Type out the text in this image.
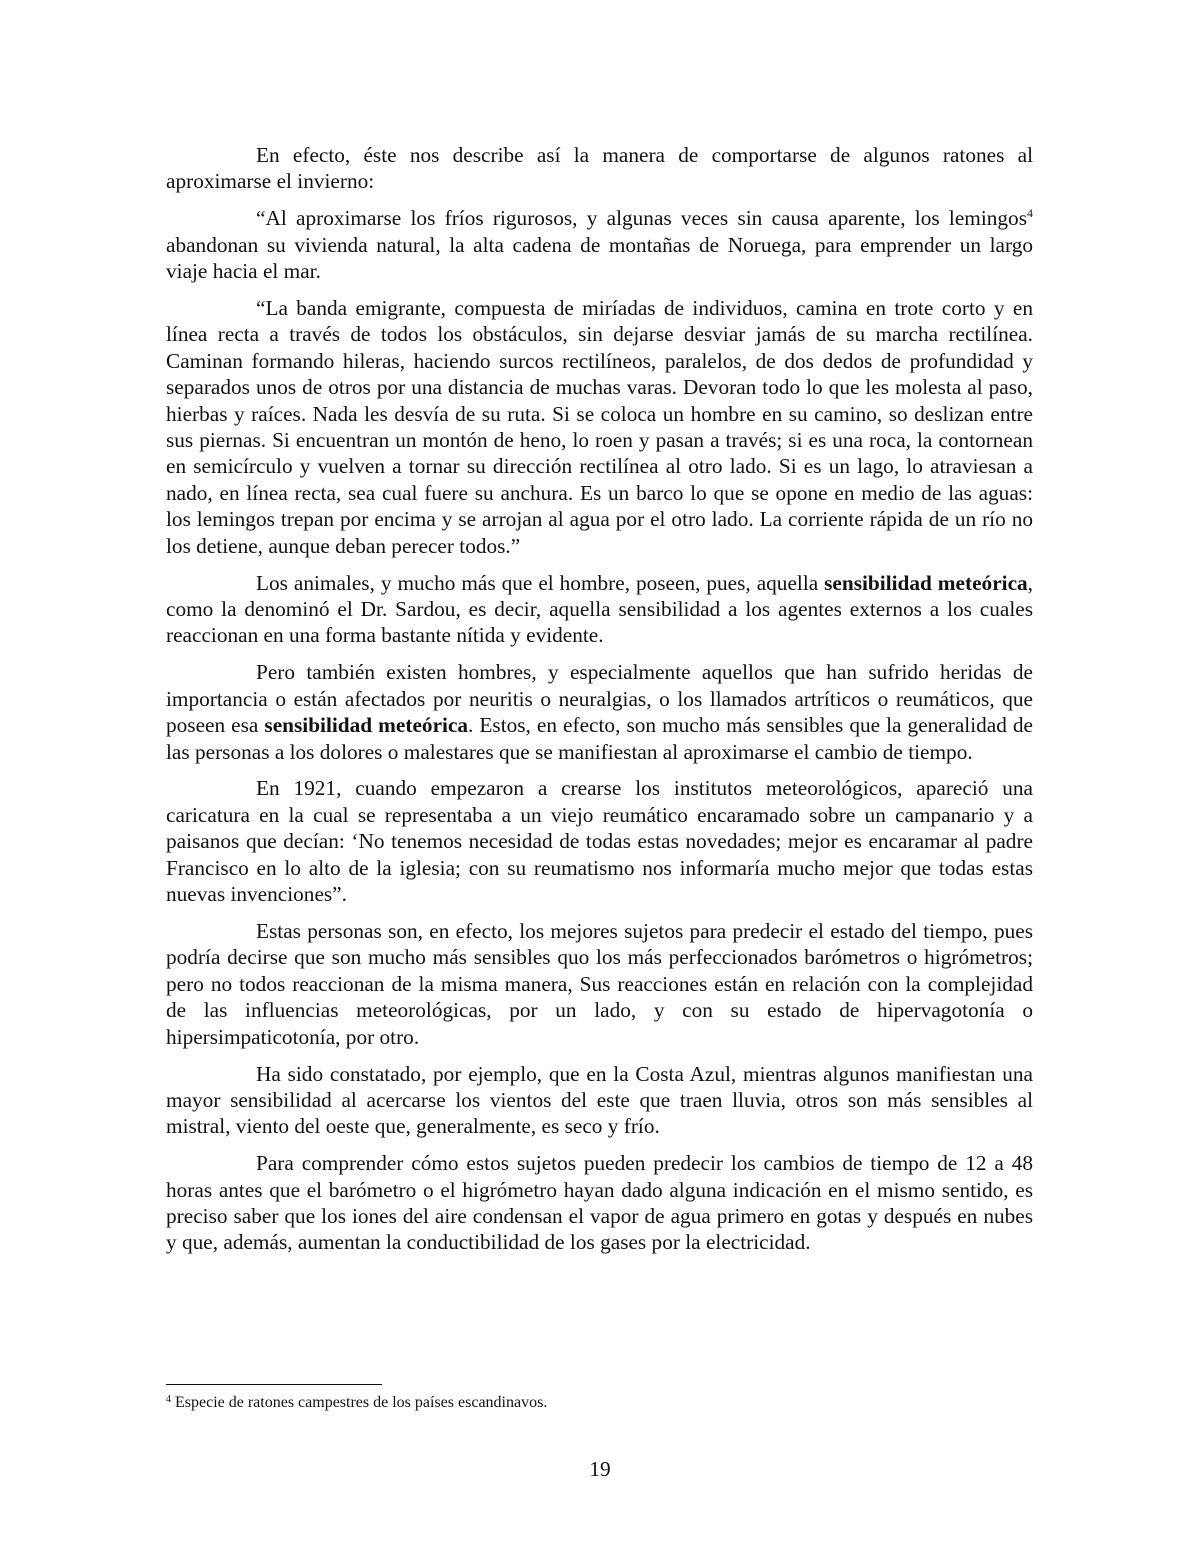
En efecto, éste nos describe así la manera de comportarse de algunos ratones al aproximarse el invierno:

“Al aproximarse los fríos rigurosos, y algunas veces sin causa aparente, los lemingos$^4$ abandonan su vivienda natural, la alta cadena de montañas de Noruega, para emprender un largo viaje hacia el mar.

“La banda emigrante, compuesta de miríadas de individuos, camina en trote corto y en línea recta a través de todos los obstáculos, sin dejarse desviar jamás de su marcha rectilínea. Caminan formando hileras, haciendo surcos rectilíneos, paralelos, de dos dedos de profundidad y separados unos de otros por una distancia de muchas varas. Devoran todo lo que les molesta al paso, hierbas y raíces. Nada les desvía de su ruta. Si se coloca un hombre en su camino, so deslizan entre sus piernas. Si encuentran un montón de heno, lo roen y pasan a través; si es una roca, la contornean en semicírculo y vuelven a tornar su dirección rectilínea al otro lado. Si es un lago, lo atraviesan a nado, en línea recta, sea cual fuere su anchura. Es un barco lo que se opone en medio de las aguas: los lemingos trepan por encima y se arrojan al agua por el otro lado. La corriente rápida de un río no los detiene, aunque deban perecer todos.”

Los animales, y mucho más que el hombre, poseen, pues, aquella sensibilidad meteórica, como la denominó el Dr. Sardou, es decir, aquella sensibilidad a los agentes externos a los cuales reaccionan en una forma bastante nítida y evidente.

Pero también existen hombres, y especialmente aquellos que han sufrido heridas de importancia o están afectados por neuritis o neuralgias, o los llamados artríticos o reumáticos, que poseen esa sensibilidad meteórica. Estos, en efecto, son mucho más sensibles que la generalidad de las personas a los dolores o malestares que se manifiestan al aproximarse el cambio de tiempo.

En 1921, cuando empezaron a crearse los institutos meteorológicos, apareció una caricatura en la cual se representaba a un viejo reumático encaramado sobre un campanario y a paisanos que decían: ‘No tenemos necesidad de todas estas novedades; mejor es encaramar al padre Francisco en lo alto de la iglesia; con su reumatismo nos informaría mucho mejor que todas estas nuevas invenciones”.

Estas personas son, en efecto, los mejores sujetos para predecir el estado del tiempo, pues podría decirse que son mucho más sensibles quo los más perfeccionados barómetros o higrómetros; pero no todos reaccionan de la misma manera, Sus reacciones están en relación con la complejidad de las influencias meteorológicas, por un lado, y con su estado de hipervagotonía o hipersimpaticotonía, por otro.

Ha sido constatado, por ejemplo, que en la Costa Azul, mientras algunos manifiestan una mayor sensibilidad al acercarse los vientos del este que traen lluvia, otros son más sensibles al mistral, viento del oeste que, generalmente, es seco y frío.

Para comprender cómo estos sujetos pueden predecir los cambios de tiempo de 12 a 48 horas antes que el barómetro o el higrómetro hayan dado alguna indicación en el mismo sentido, es preciso saber que los iones del aire condensan el vapor de agua primero en gotas y después en nubes y que, además, aumentan la conductibilidad de los gases por la electricidad.

$^4$ Especie de ratones campestres de los países escandinavos.
19
